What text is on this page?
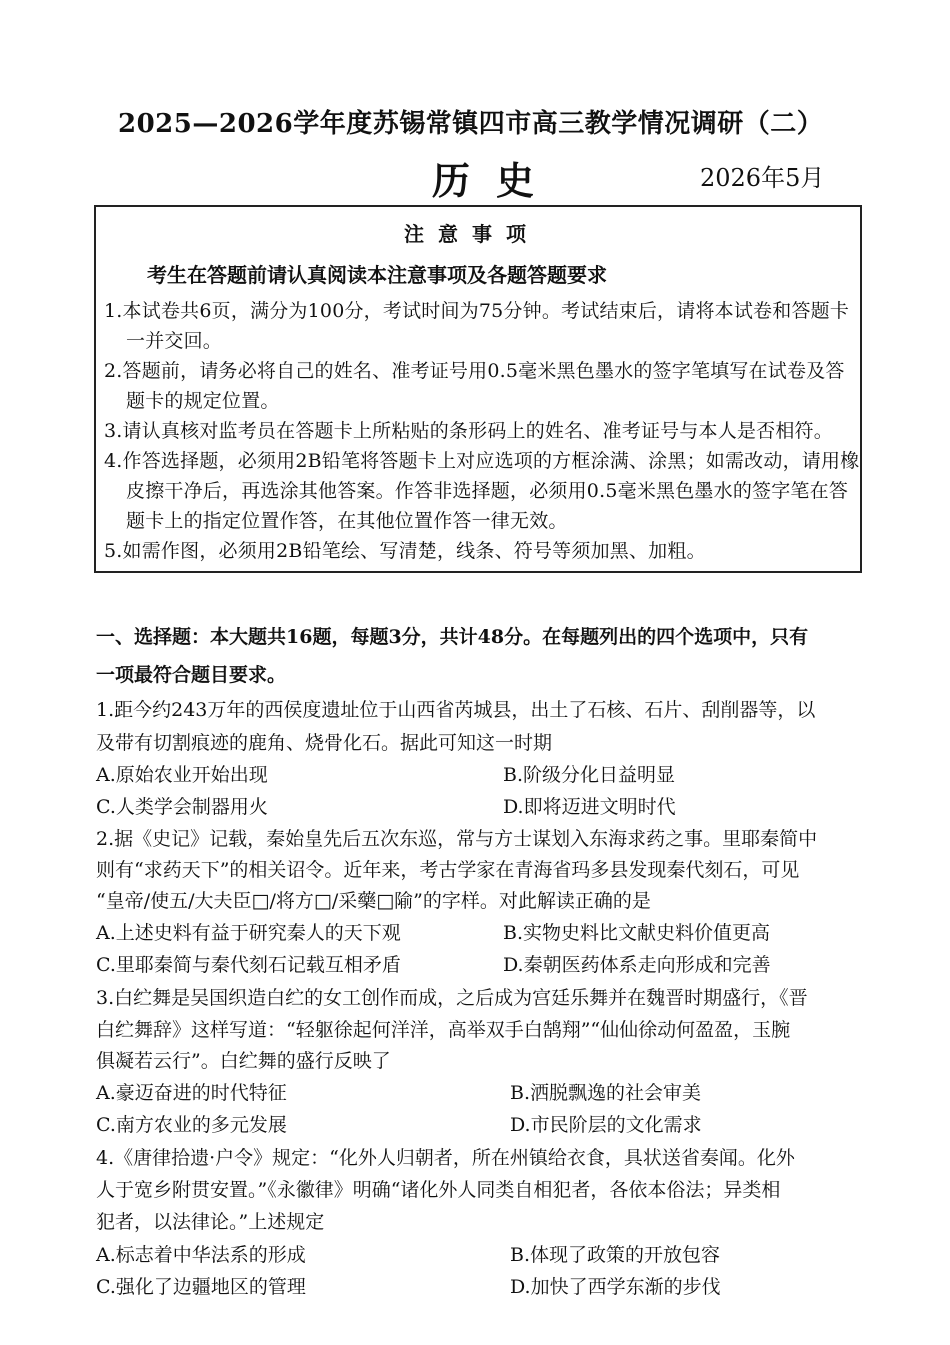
2025—2026学年度苏锡常镇四市高三教学情况调研（二）
历史	2026年5月
注意事项
考生在答题前请认真阅读本注意事项及各题答题要求
1.本试卷共6页，满分为100分，考试时间为75分钟。考试结束后，请将本试卷和答题卡
一并交回。
2.答题前，请务必将自己的姓名、准考证号用0.5毫米黑色墨水的签字笔填写在试卷及答
题卡的规定位置。
3.请认真核对监考员在答题卡上所粘贴的条形码上的姓名、准考证号与本人是否相符。
4.作答选择题，必须用2B铅笔将答题卡上对应选项的方框涂满、涂黑；如需改动，请用橡
皮擦干净后，再选涂其他答案。作答非选择题，必须用0.5毫米黑色墨水的签字笔在答
题卡上的指定位置作答，在其他位置作答一律无效。
5.如需作图，必须用2B铅笔绘、写清楚，线条、符号等须加黑、加粗。
一、选择题：本大题共16题，每题3分，共计48分。在每题列出的四个选项中，只有
一项最符合题目要求。
1.距今约243万年的西侯度遗址位于山西省芮城县，出土了石核、石片、刮削器等，以
及带有切割痕迹的鹿角、烧骨化石。据此可知这一时期
A.原始农业开始出现	B.阶级分化日益明显
C.人类学会制器用火	D.即将迈进文明时代
2.据《史记》记载，秦始皇先后五次东巡，常与方士谋划入东海求药之事。里耶秦简中
则有“求药天下”的相关诏令。近年来，考古学家在青海省玛多县发现秦代刻石，可见
“皇帝/使五/大夫臣□/将方□/采藥□隃”的字样。对此解读正确的是
A.上述史料有益于研究秦人的天下观	B.实物史料比文献史料价值更高
C.里耶秦简与秦代刻石记载互相矛盾	D.秦朝医药体系走向形成和完善
3.白纻舞是吴国织造白纻的女工创作而成，之后成为宫廷乐舞并在魏晋时期盛行，《晋
白纻舞辞》这样写道：“轻躯徐起何洋洋，高举双手白鹄翔”“仙仙徐动何盈盈，玉腕
俱凝若云行”。白纻舞的盛行反映了
A.豪迈奋进的时代特征	B.洒脱飘逸的社会审美
C.南方农业的多元发展	D.市民阶层的文化需求
4.《唐律拾遗·户令》规定：“化外人归朝者，所在州镇给衣食，具状送省奏闻。化外
人于宽乡附贯安置。”《永徽律》明确“诸化外人同类自相犯者，各依本俗法；异类相
犯者，以法律论。”上述规定
A.标志着中华法系的形成	B.体现了政策的开放包容
C.强化了边疆地区的管理	D.加快了西学东渐的步伐
